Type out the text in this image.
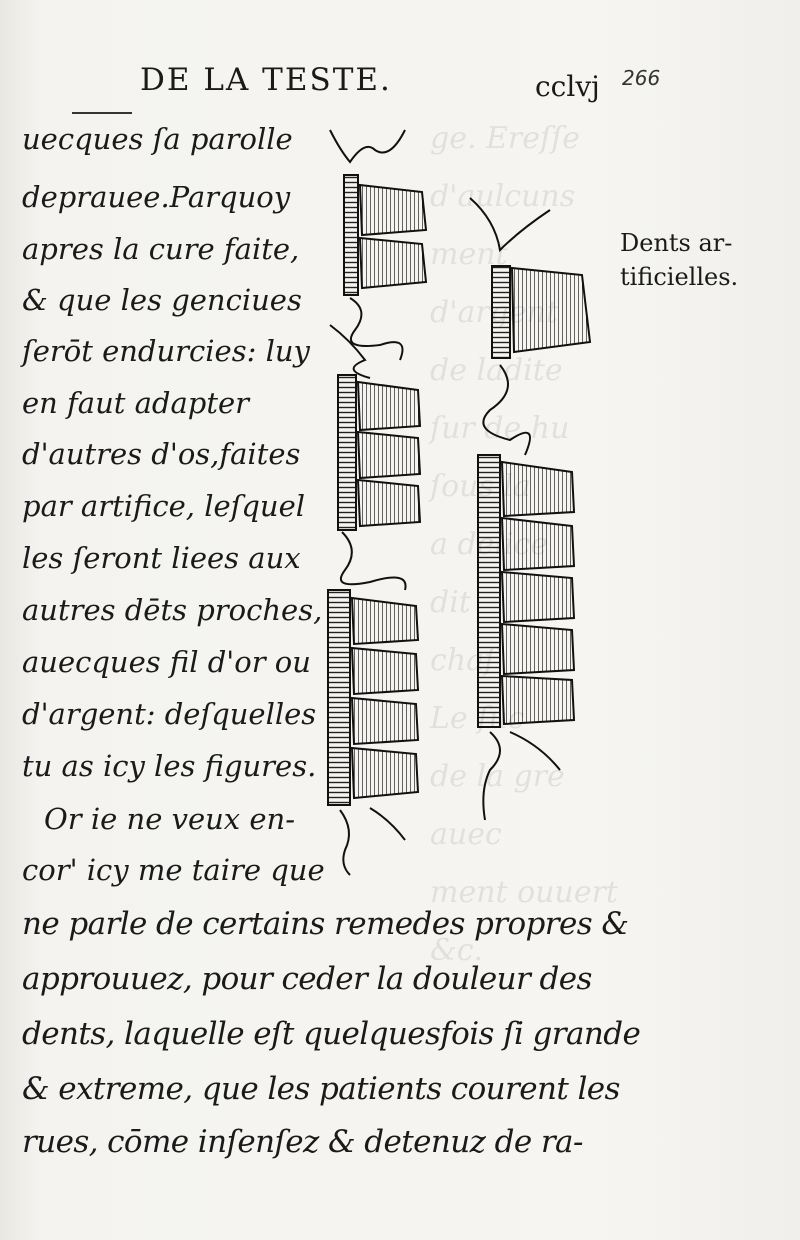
ge. Ereſſe d'aulcuns
ment
de ladite
ſur de hu
ſous
a
dit
chaſ
Le
de la gre
auec
ment ouuert
&c.
DE LA TESTE.	cclvj 266
uecques ſa parolle
deprauee.Parquoy
apres la cure faite,
& que les genciues
ſerōt endurcies: luy
en faut adapter
d'autres d'os,faites
par artifice, leſquel
les ſeront liees aux
autres dēts proches,
auecques fil d'or ou
d'argent: deſquelles
tu as icy les figures.
Or ie ne veux en-
cor' icy me taire que
ne parle de certains remedes propres &
approuuez, pour ceder la douleur des
dents, laquelle eſt quelquesfois ſi grande
& extreme, que les patients courent les
rues, cōme inſenſez & detenuz de ra-
Dents ar-
tificielles.
